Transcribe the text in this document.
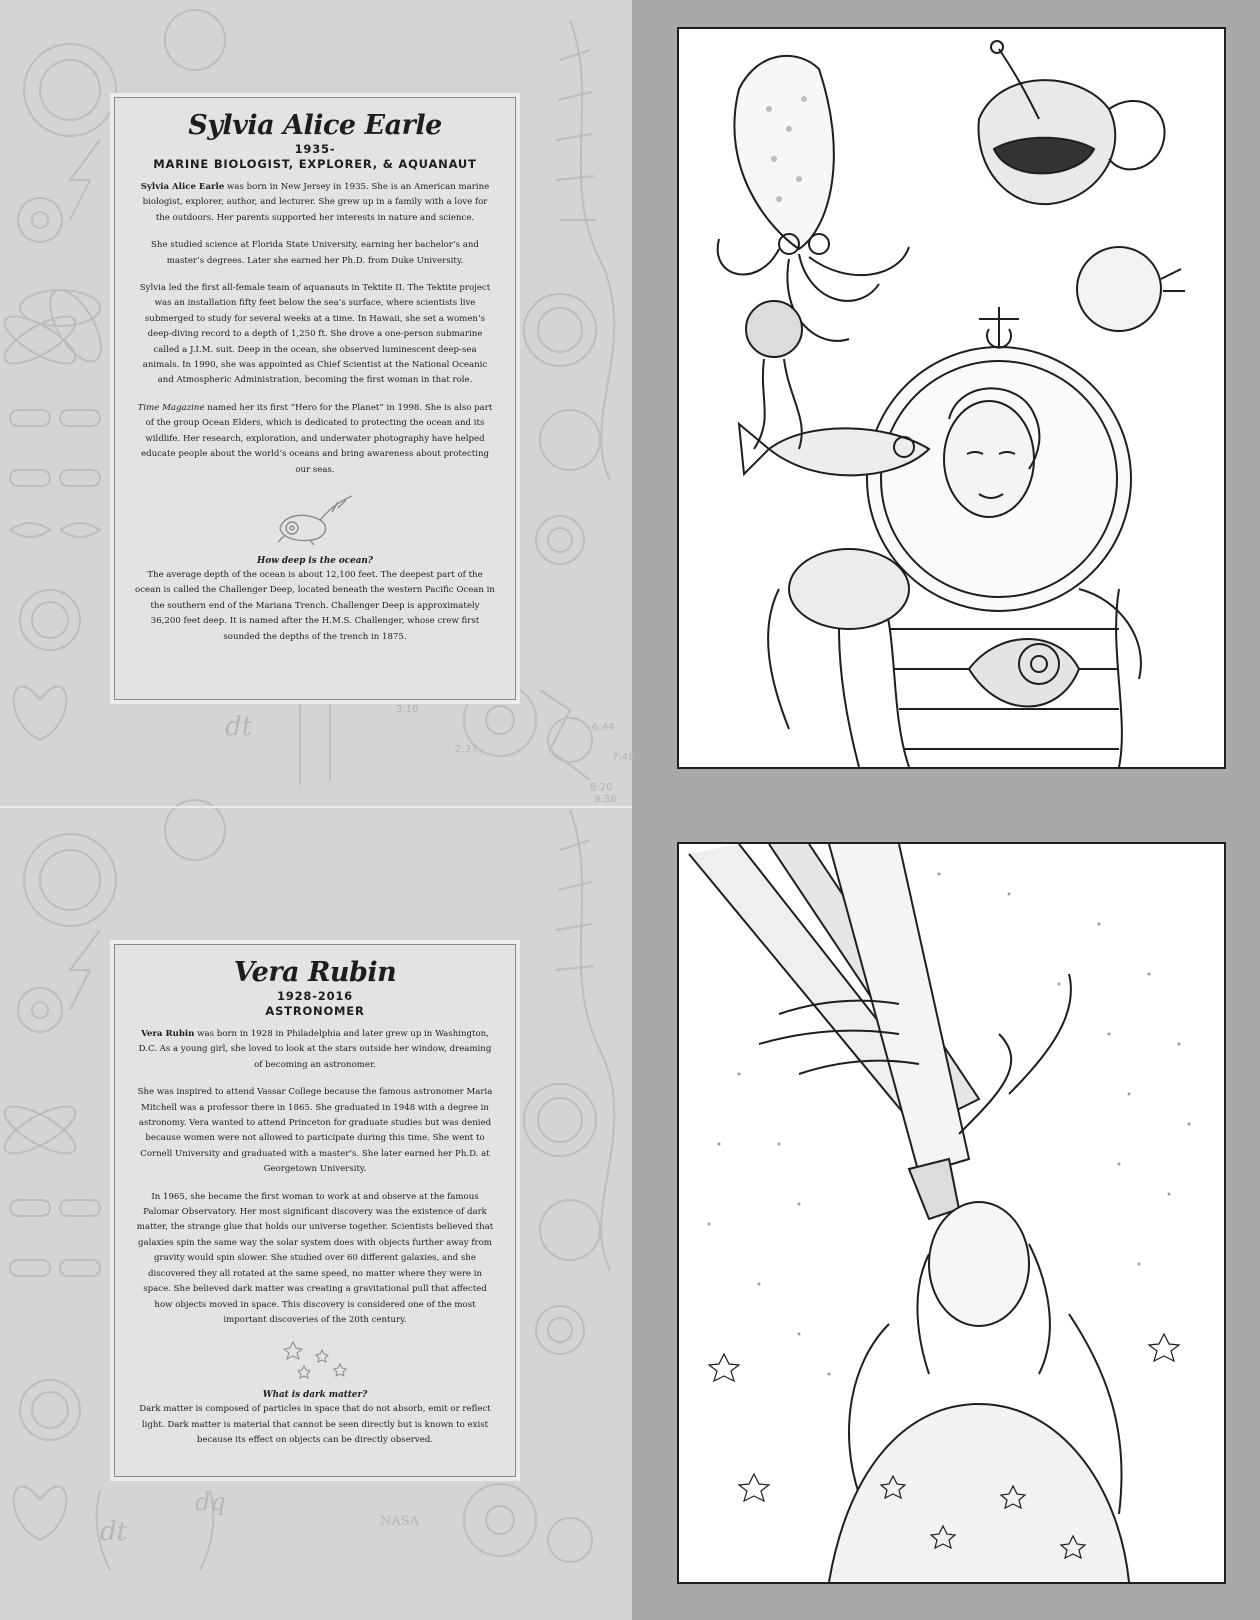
dt
dt
dq
NASA
3:10
2:37
6:44
7:48
8:20
9:38
Sylvia Alice Earle
1935-
MARINE BIOLOGIST, EXPLORER, & AQUANAUT

Sylvia Alice Earle was born in New Jersey in 1935. She is an American marine biologist, explorer, author, and lecturer. She grew up in a family with a love for the outdoors. Her parents supported her interests in nature and science.

She studied science at Florida State University, earning her bachelor’s and master’s degrees. Later she earned her Ph.D. from Duke University.

Sylvia led the first all-female team of aquanauts in Tektite II. The Tektite project was an installation fifty feet below the sea’s surface, where scientists live submerged to study for several weeks at a time. In Hawaii, she set a women’s deep-diving record to a depth of 1,250 ft. She drove a one-person submarine called a J.I.M. suit. Deep in the ocean, she observed luminescent deep-sea animals. In 1990, she was appointed as Chief Scientist at the National Oceanic and Atmospheric Administration, becoming the first woman in that role.

Time Magazine named her its first “Hero for the Planet” in 1998. She is also part of the group Ocean Elders, which is dedicated to protecting the ocean and its wildlife. Her research, exploration, and underwater photography have helped educate people about the world’s oceans and bring awareness about protecting our seas.

How deep is the ocean?

The average depth of the ocean is about 12,100 feet. The deepest part of the ocean is called the Challenger Deep, located beneath the western Pacific Ocean in the southern end of the Mariana Trench. Challenger Deep is approximately 36,200 feet deep. It is named after the H.M.S. Challenger, whose crew first sounded the depths of the trench in 1875.

Vera Rubin
1928-2016
ASTRONOMER

Vera Rubin was born in 1928 in Philadelphia and later grew up in Washington, D.C. As a young girl, she loved to look at the stars outside her window, dreaming of becoming an astronomer.

She was inspired to attend Vassar College because the famous astronomer Maria Mitchell was a professor there in 1865. She graduated in 1948 with a degree in astronomy. Vera wanted to attend Princeton for graduate studies but was denied because women were not allowed to participate during this time. She went to Cornell University and graduated with a master’s. She later earned her Ph.D. at Georgetown University.

In 1965, she became the first woman to work at and observe at the famous Palomar Observatory. Her most significant discovery was the existence of dark matter, the strange glue that holds our universe together. Scientists believed that galaxies spin the same way the solar system does with objects further away from gravity would spin slower. She studied over 60 different galaxies, and she discovered they all rotated at the same speed, no matter where they were in space. She believed dark matter was creating a gravitational pull that affected how objects moved in space. This discovery is considered one of the most important discoveries of the 20th century.

What is dark matter?

Dark matter is composed of particles in space that do not absorb, emit or reflect light. Dark matter is material that cannot be seen directly but is known to exist because its effect on objects can be directly observed.
